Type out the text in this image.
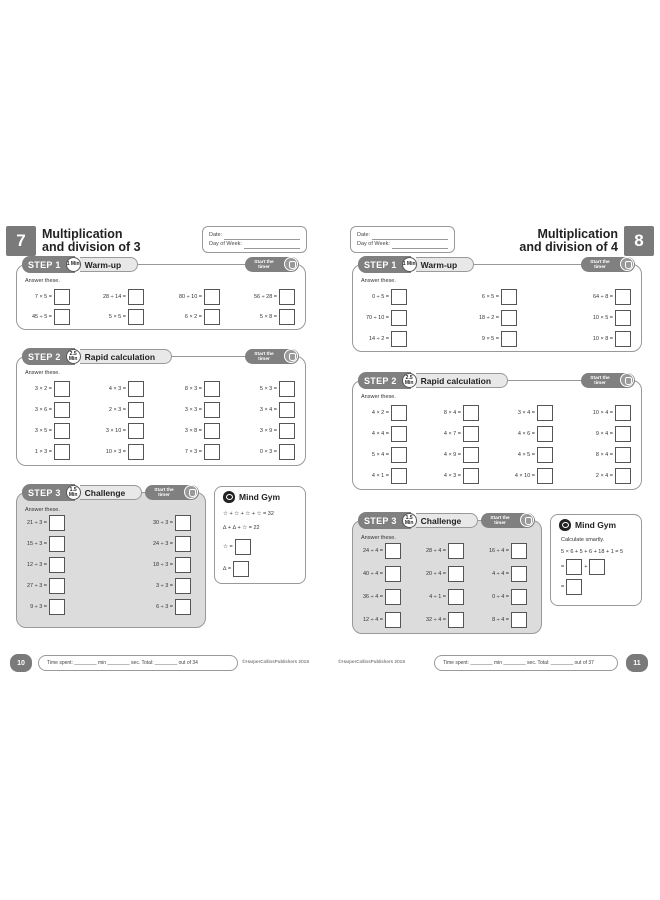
7	Multiplication
and division of 3
Date:
Day of Week:
STEP 1	1 Min Warm-up	Start the timer
Answer these.
7 × 5 =	28 ÷ 14 =	80 ÷ 10 =	56 ÷ 28 =
45 ÷ 5 =	5 × 5 =	6 × 2 =	5 × 8 =
STEP 2	2.5 Min Rapid calculation	Start the timer
Answer these.
3 × 2 =	4 × 3 =	8 × 3 =	5 × 3 =
3 × 6 =	2 × 3 =	3 × 3 =	3 × 4 =
3 × 5 =	3 × 10 =	3 × 8 =	3 × 9 =
1 × 3 =	10 × 3 =	7 × 3 =	0 × 3 =
STEP 3	1.5 Min Challenge	Start the timer
Answer these.
21 ÷ 3 =	30 ÷ 3 =
15 ÷ 3 =	24 ÷ 3 =
12 ÷ 3 =	18 ÷ 3 =
27 ÷ 3 =	3 ÷ 3 =
9 ÷ 3 =	6 ÷ 3 =
Mind Gym
☆ + ☆ + ☆ + ☆ = 32
∆ + ∆ + ☆ = 22
☆ =
∆ =
10	Time spent: ________ min ________ sec. Total: ________ out of 34	©HarperCollinsPublishers 2019
Date:
Day of Week:
Multiplication
and division of 4 8
STEP 1	1 Min Warm-up	Start the timer
Answer these.
0 ÷ 5 =	6 × 5 =	64 ÷ 8 =
70 ÷ 10 =	18 ÷ 2 =	10 × 5 =
14 ÷ 2 =	9 × 5 =	10 × 8 =
STEP 2	2.5 Min Rapid calculation	Start the timer
Answer these.
4 × 2 =	8 × 4 =	3 × 4 =	10 × 4 =
4 × 4 =	4 × 7 =	4 × 6 =	9 × 4 =
5 × 4 =	4 × 9 =	4 × 5 =	8 × 4 =
4 × 1 =	4 × 3 =	4 × 10 =	2 × 4 =
STEP 3	1.5 Min Challenge	Start the timer
Answer these.
24 ÷ 4 =	28 ÷ 4 =	16 ÷ 4 =
40 ÷ 4 =	20 ÷ 4 =	4 ÷ 4 =
36 ÷ 4 =	4 ÷ 1 =	0 ÷ 4 =
12 ÷ 4 =	32 ÷ 4 =	8 ÷ 4 =
Mind Gym
Calculate smartly.
5 × 6 + 5 + 6 + 18 + 1 = 5
=	+
=
©HarperCollinsPublishers 2019	Time spent: ________ min ________ sec. Total: ________ out of 37	11
